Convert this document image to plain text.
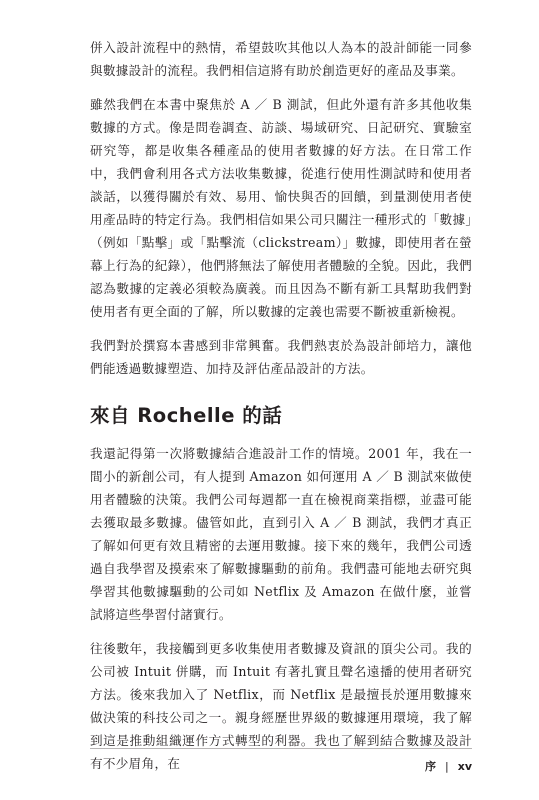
併入設計流程中的熱情，希望鼓吹其他以人為本的設計師能一同參與數據設計的流程。我們相信這將有助於創造更好的產品及事業。

雖然我們在本書中聚焦於 A ／ B 測試，但此外還有許多其他收集數據的方式。像是問卷調查、訪談、場域研究、日記研究、實驗室研究等，都是收集各種產品的使用者數據的好方法。在日常工作中，我們會利用各式方法收集數據，從進行使用性測試時和使用者談話，以獲得關於有效、易用、愉快與否的回饋，到量測使用者使用產品時的特定行為。我們相信如果公司只關注一種形式的「數據」（例如「點擊」或「點擊流（clickstream）」數據，即使用者在螢幕上行為的紀錄），他們將無法了解使用者體驗的全貌。因此，我們認為數據的定義必須較為廣義。而且因為不斷有新工具幫助我們對使用者有更全面的了解，所以數據的定義也需要不斷被重新檢視。

我們對於撰寫本書感到非常興奮。我們熱衷於為設計師培力，讓他們能透過數據塑造、加持及評估產品設計的方法。

來自 Rochelle 的話

我還記得第一次將數據結合進設計工作的情境。2001 年，我在一間小的新創公司，有人提到 Amazon 如何運用 A ／ B 測試來做使用者體驗的決策。我們公司每週都一直在檢視商業指標，並盡可能去獲取最多數據。儘管如此，直到引入 A ／ B 測試，我們才真正了解如何更有效且精密的去運用數據。接下來的幾年，我們公司透過自我學習及摸索來了解數據驅動的前角。我們盡可能地去研究與學習其他數據驅動的公司如 Netflix 及 Amazon 在做什麼，並嘗試將這些學習付諸實行。

往後數年，我接觸到更多收集使用者數據及資訊的頂尖公司。我的公司被 Intuit 併購，而 Intuit 有著扎實且聲名遠播的使用者研究方法。後來我加入了 Netflix，而 Netflix 是最擅長於運用數據來做決策的科技公司之一。親身經歷世界級的數據運用環境，我了解到這是推動組織運作方式轉型的利器。我也了解到結合數據及設計有不少眉角，在	序 | xv
